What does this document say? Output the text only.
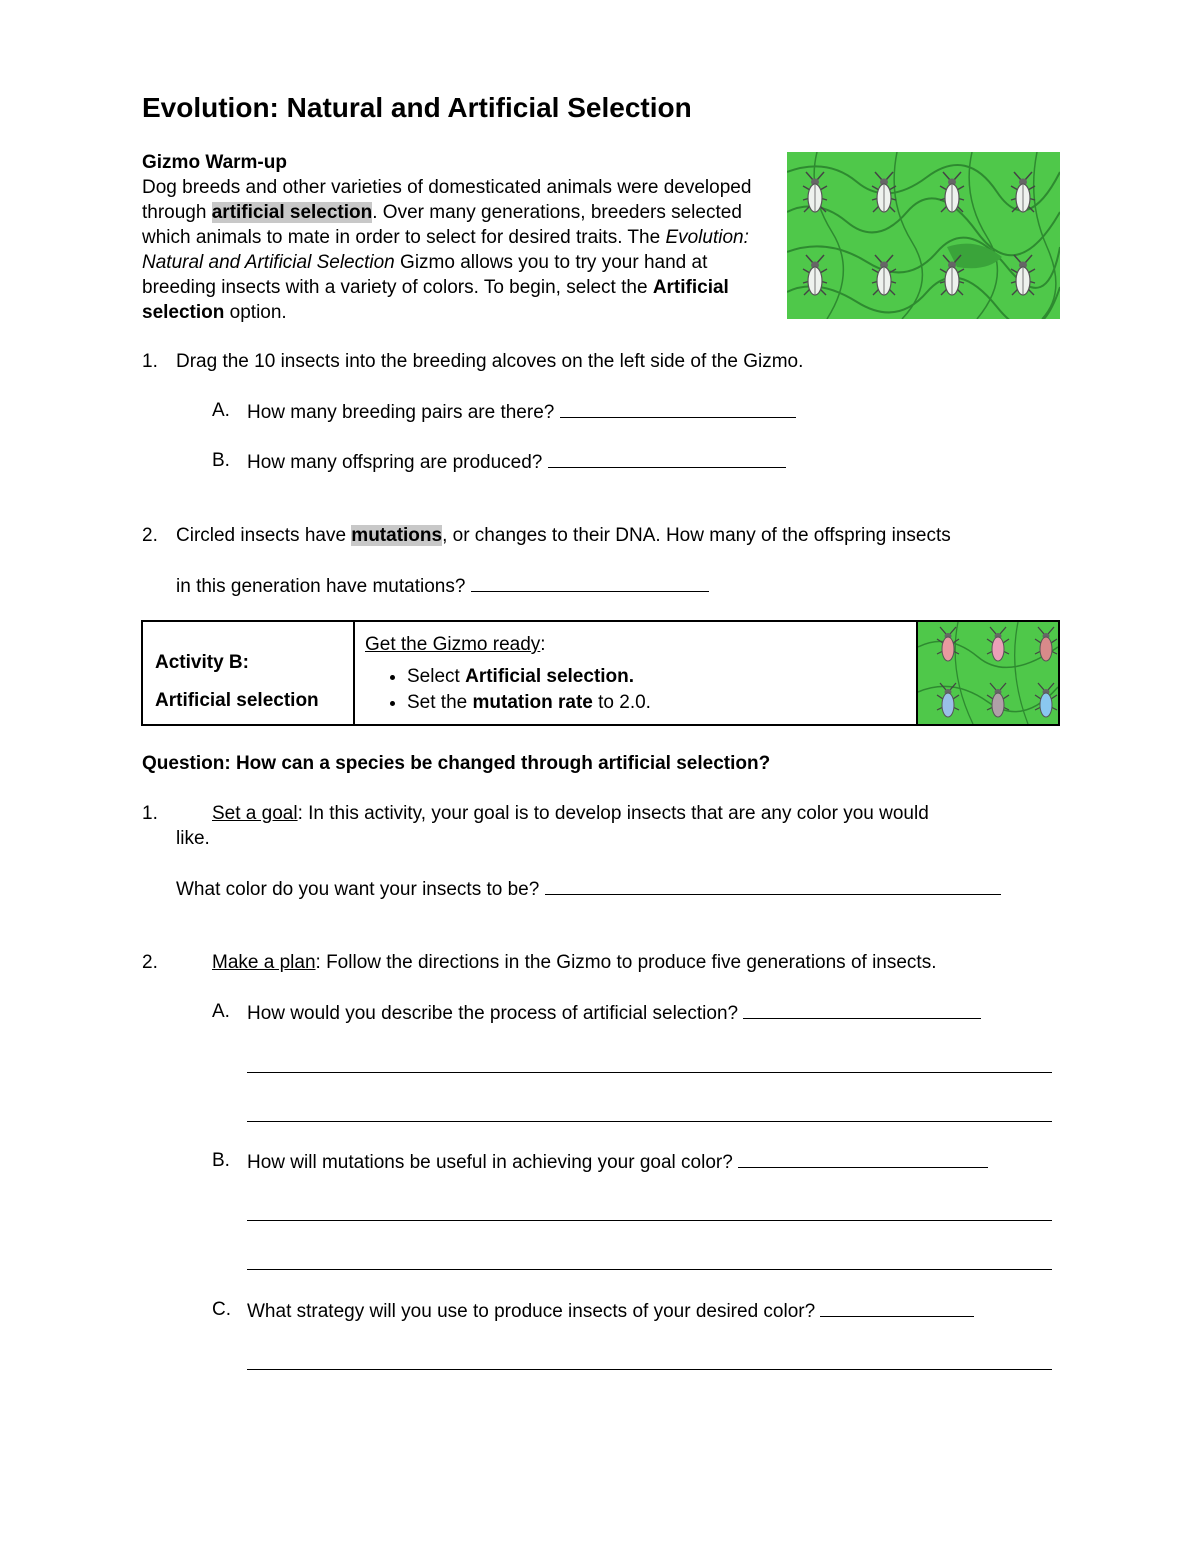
Evolution: Natural and Artificial Selection
Gizmo Warm-up
Dog breeds and other varieties of domesticated animals were developed through artificial selection. Over many generations, breeders selected which animals to mate in order to select for desired traits. The Evolution: Natural and Artificial Selection Gizmo allows you to try your hand at breeding insects with a variety of colors. To begin, select the Artificial selection option.
1. Drag the 10 insects into the breeding alcoves on the left side of the Gizmo.
A. How many breeding pairs are there?
B. How many offspring are produced?
2. Circled insects have mutations, or changes to their DNA. How many of the offspring insects
in this generation have mutations?
Activity B:
Artificial selection

Get the Gizmo ready:
• Select Artificial selection.
• Set the mutation rate to 2.0.

Question: How can a species be changed through artificial selection?
1.	Set a goal: In this activity, your goal is to develop insects that are any color you would
like.
What color do you want your insects to be?
2.	Make a plan: Follow the directions in the Gizmo to produce five generations of insects.
A. How would you describe the process of artificial selection?
B. How will mutations be useful in achieving your goal color?
C. What strategy will you use to produce insects of your desired color?
